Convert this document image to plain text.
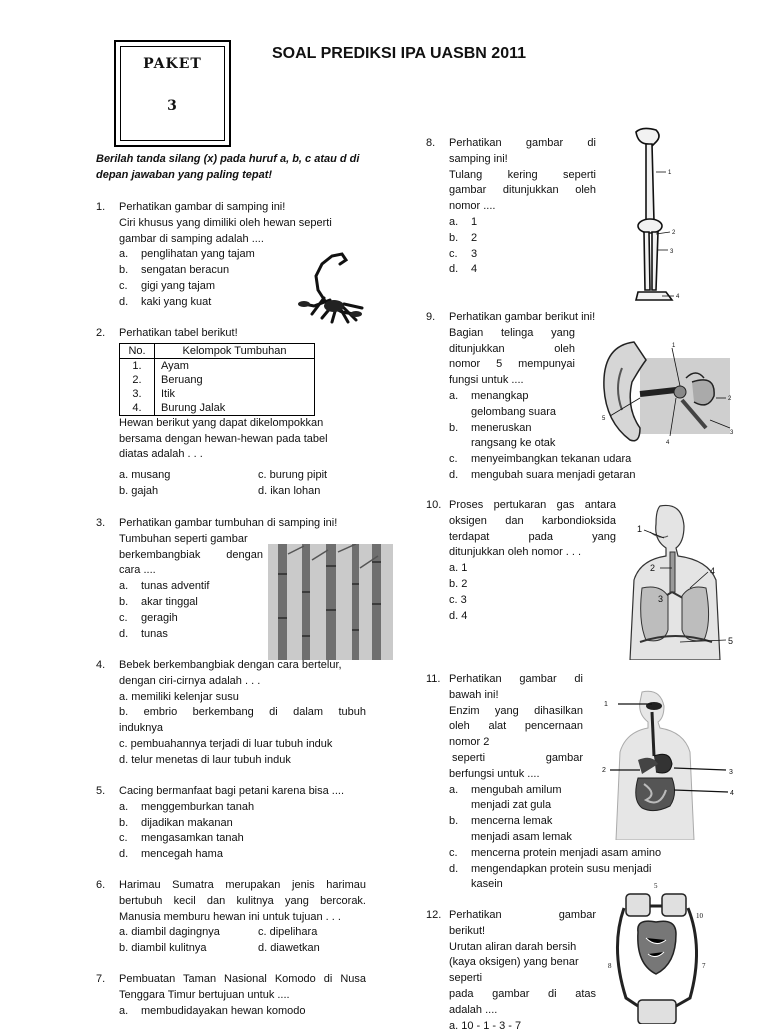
PAKET
3
SOAL PREDIKSI IPA UASBN 2011
Berilah tanda silang (x) pada huruf a, b, c atau d di depan jawaban yang paling tepat!
1. Perhatikan gambar di samping ini!
Ciri khusus yang dimiliki oleh hewan seperti
gambar di samping adalah ....
a. penglihatan yang tajam
b. sengatan beracun
c. gigi yang tajam
d. kaki yang kuat
2. Perhatikan tabel berikut!
No.	Kelompok Tumbuhan
1.	Ayam
2.	Beruang
3.	Itik
4.	Burung Jalak
Hewan berikut yang dapat dikelompokkan
bersama dengan hewan-hewan pada tabel
diatas adalah . . .
a. musang	c. burung pipit
b. gajah	d. ikan lohan
3. Perhatikan gambar tumbuhan di samping ini!
Tumbuhan seperti gambar
berkembangbiak dengan
cara ....
a. tunas adventif
b. akar tinggal
c. geragih
d. tunas
4. Bebek berkembangbiak dengan cara bertelur,
dengan ciri-cirnya adalah . . .
a. memiliki kelenjar susu
b. embrio berkembang di dalam tubuh
induknya
c. pembuahannya terjadi di luar tubuh induk
d. telur menetas di laur tubuh induk
5. Cacing bermanfaat bagi petani karena bisa ....
a. menggemburkan tanah
b. dijadikan makanan
c. mengasamkan tanah
d. mencegah hama
6. Harimau Sumatra merupakan jenis harimau
bertubuh kecil dan kulitnya yang bercorak.
Manusia memburu hewan ini untuk tujuan . . .
a. diambil dagingnya	c. dipelihara
b. diambil kulitnya	d. diawetkan
7. Pembuatan Taman Nasional Komodo di Nusa
Tenggara Timur bertujuan untuk ....
a. membudidayakan hewan komodo
8. Perhatikan gambar di
samping ini!
Tulang kering seperti
gambar ditunjukkan oleh
nomor ....
a. 1
b. 2
c. 3
d. 4
1
2
3
4
9. Perhatikan gambar berikut ini!
Bagian telinga yang
ditunjukkan oleh
nomor 5 mempunyai
fungsi untuk ....
a. menangkap
gelombang suara
b. meneruskan
rangsang ke otak
c. menyeimbangkan tekanan udara
d. mengubah suara menjadi getaran
1
2
3
4
5
10. Proses pertukaran gas antara
oksigen dan karbondioksida
terdapat pada yang
ditunjukkan oleh nomor . . .
a. 1
b. 2
c. 3
d. 4
1
2
3
4
5
11. Perhatikan gambar di
bawah ini!
Enzim yang dihasilkan
oleh alat pencernaan
nomor 2
seperti gambar
berfungsi untuk ....
a. mengubah amilum
menjadi zat gula
b. mencerna lemak
menjadi asam lemak
c. mencerna protein menjadi asam amino
d. mengendapkan protein susu menjadi
kasein
1
2	3
4
12. Perhatikan gambar
berikut!
Urutan aliran darah bersih
(kaya oksigen) yang benar
seperti
pada gambar di atas
adalah ....
a. 10 - 1 - 3 - 7
5
10
8	7
